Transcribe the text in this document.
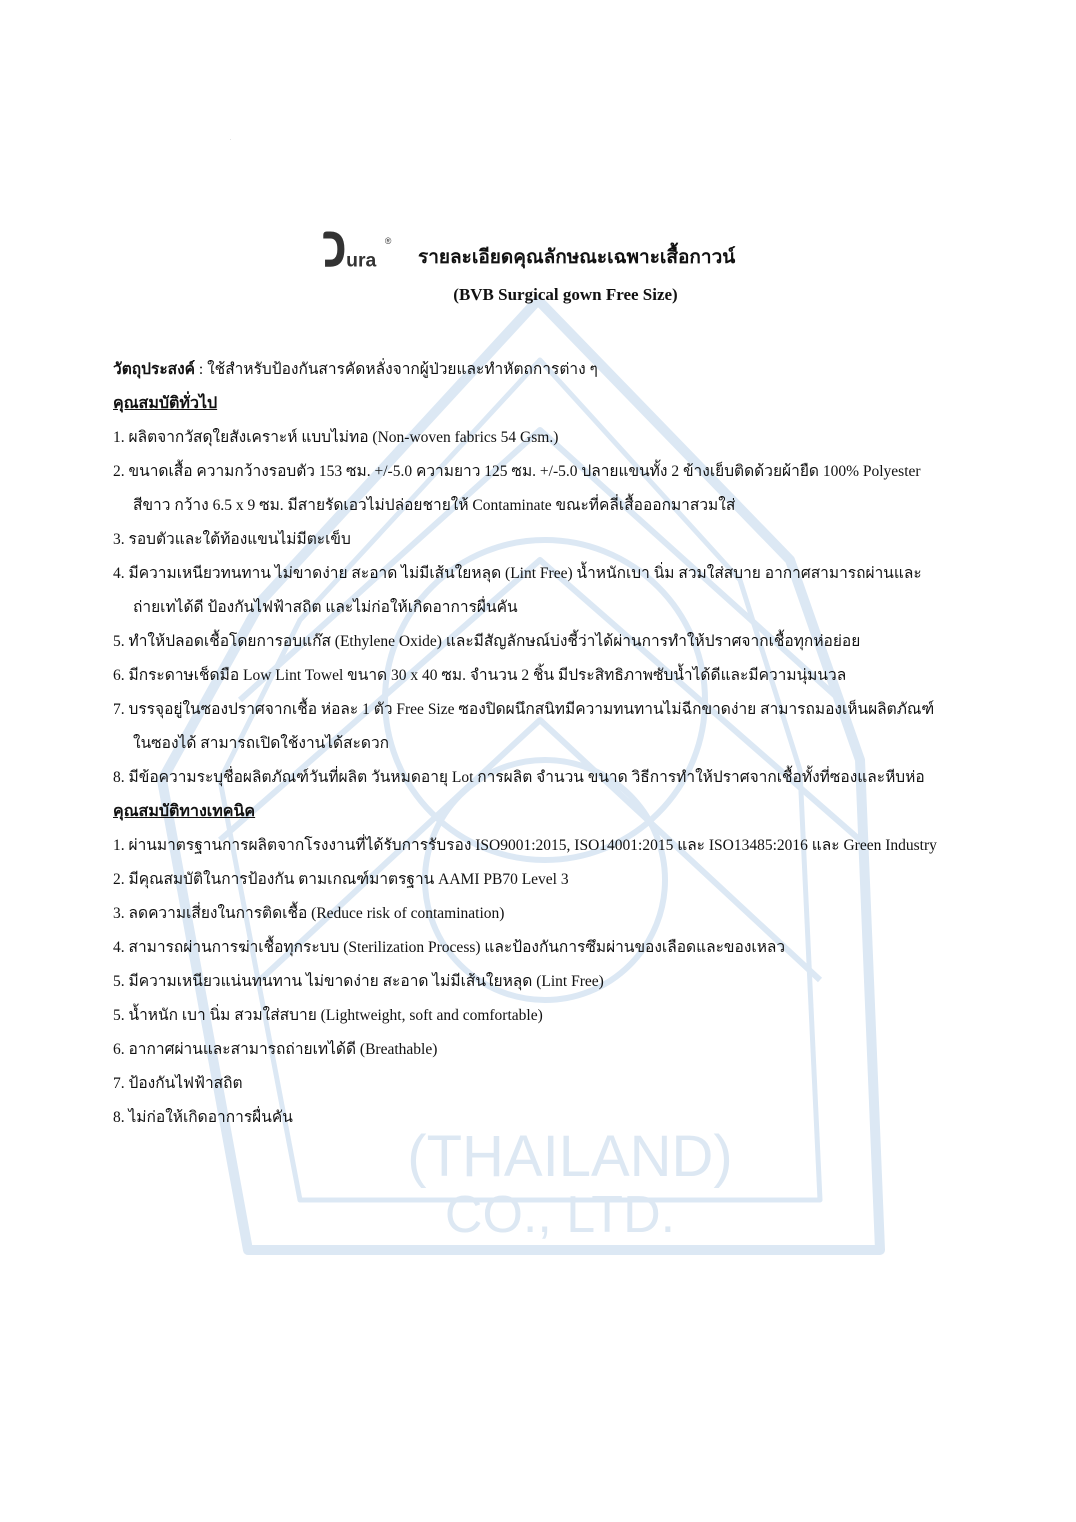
(THAILAND)
CO., LTD.
D
ura
®
รายละเอียดคุณลักษณะเฉพาะเสื้อกาวน์
(BVB Surgical gown Free Size)
วัตถุประสงค์ : ใช้สำหรับป้องกันสารคัดหลั่งจากผู้ป่วยและทำหัตถการต่าง ๆ
คุณสมบัติทั่วไป
1. ผลิตจากวัสดุใยสังเคราะห์ แบบไม่ทอ (Non-woven fabrics 54 Gsm.)
2. ขนาดเสื้อ ความกว้างรอบตัว 153 ซม. +/-5.0 ความยาว 125 ซม. +/-5.0 ปลายแขนทั้ง 2 ข้างเย็บติดด้วยผ้ายืด 100% Polyester
สีขาว กว้าง 6.5 x 9 ซม. มีสายรัดเอวไม่ปล่อยชายให้ Contaminate ขณะที่คลี่เสื้อออกมาสวมใส่
3. รอบตัวและใต้ท้องแขนไม่มีตะเข็บ
4. มีความเหนียวทนทาน ไม่ขาดง่าย สะอาด ไม่มีเส้นใยหลุด (Lint Free) น้ำหนักเบา นิ่ม สวมใส่สบาย อากาศสามารถผ่านและ
ถ่ายเทได้ดี ป้องกันไฟฟ้าสถิต และไม่ก่อให้เกิดอาการผื่นคัน
5. ทำให้ปลอดเชื้อโดยการอบแก๊ส (Ethylene Oxide) และมีสัญลักษณ์บ่งชี้ว่าได้ผ่านการทำให้ปราศจากเชื้อทุกห่อย่อย
6. มีกระดาษเช็ดมือ Low Lint Towel ขนาด 30 x 40 ซม. จำนวน 2 ชิ้น มีประสิทธิภาพซับน้ำได้ดีและมีความนุ่มนวล
7. บรรจุอยู่ในซองปราศจากเชื้อ ห่อละ 1 ตัว Free Size ซองปิดผนึกสนิทมีความทนทานไม่ฉีกขาดง่าย สามารถมองเห็นผลิตภัณฑ์
ในซองได้ สามารถเปิดใช้งานได้สะดวก
8. มีข้อความระบุชื่อผลิตภัณฑ์วันที่ผลิต วันหมดอายุ Lot การผลิต จำนวน ขนาด วิธีการทำให้ปราศจากเชื้อทั้งที่ซองและหีบห่อ
คุณสมบัติทางเทคนิค
1. ผ่านมาตรฐานการผลิตจากโรงงานที่ได้รับการรับรอง ISO9001:2015, ISO14001:2015 และ ISO13485:2016 และ Green Industry
2. มีคุณสมบัติในการป้องกัน ตามเกณฑ์มาตรฐาน AAMI PB70 Level 3
3. ลดความเสี่ยงในการติดเชื้อ (Reduce risk of contamination)
4. สามารถผ่านการฆ่าเชื้อทุกระบบ (Sterilization Process) และป้องกันการซึมผ่านของเลือดและของเหลว
5. มีความเหนียวแน่นทนทาน ไม่ขาดง่าย สะอาด ไม่มีเส้นใยหลุด (Lint Free)
5. น้ำหนัก เบา นิ่ม สวมใส่สบาย (Lightweight, soft and comfortable)
6. อากาศผ่านและสามารถถ่ายเทได้ดี (Breathable)
7. ป้องกันไฟฟ้าสถิต
8. ไม่ก่อให้เกิดอาการผื่นคัน
